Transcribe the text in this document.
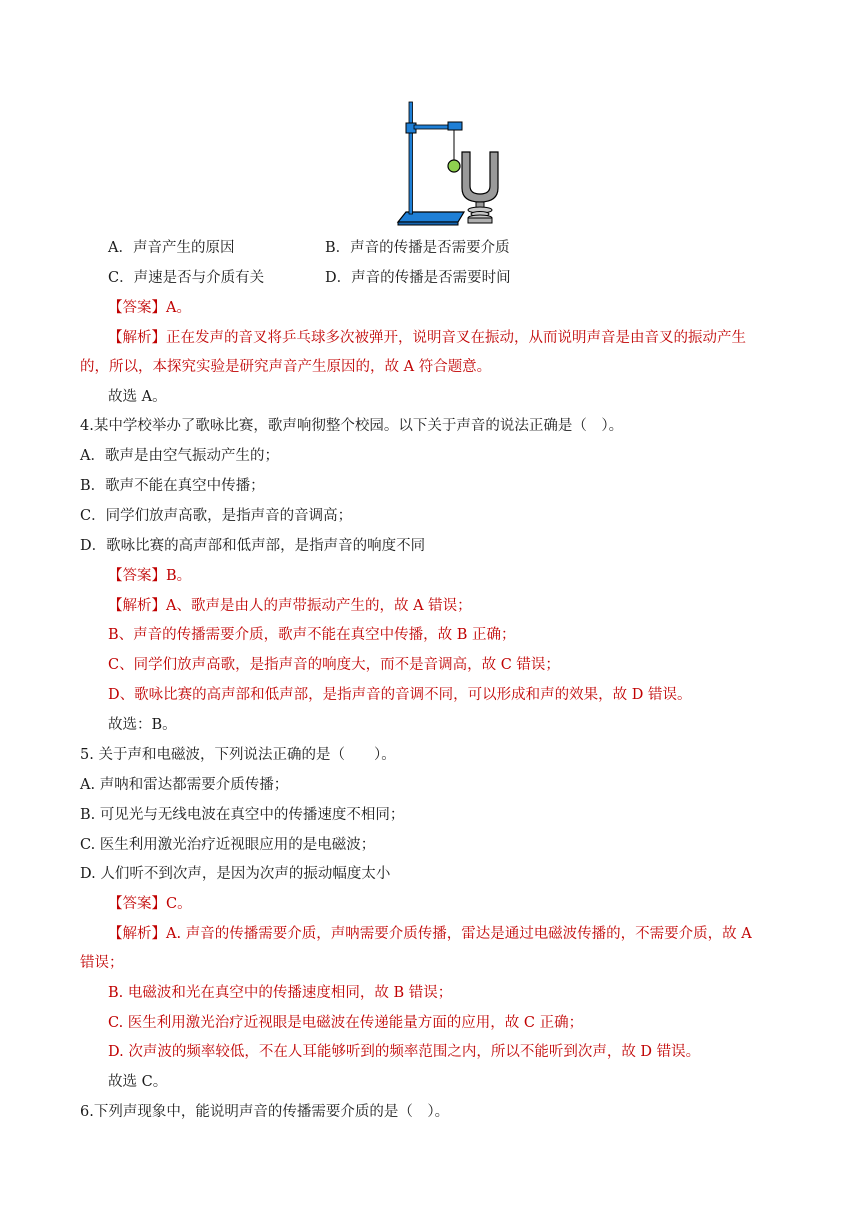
A．声音产生的原因	B．声音的传播是否需要介质
C．声速是否与介质有关	D．声音的传播是否需要时间
【答案】A。
【解析】正在发声的音叉将乒乓球多次被弹开，说明音叉在振动，从而说明声音是由音叉的振动产生
的，所以，本探究实验是研究声音产生原因的，故 A 符合题意。
故选 A。
4.某中学校举办了歌咏比赛，歌声响彻整个校园。以下关于声音的说法正确是（　）。
A．歌声是由空气振动产生的；
B．歌声不能在真空中传播；
C．同学们放声高歌，是指声音的音调高；
D．歌咏比赛的高声部和低声部，是指声音的响度不同
【答案】B。
【解析】A、歌声是由人的声带振动产生的，故 A 错误；
B、声音的传播需要介质，歌声不能在真空中传播，故 B 正确；
C、同学们放声高歌，是指声音的响度大，而不是音调高，故 C 错误；
D、歌咏比赛的高声部和低声部，是指声音的音调不同，可以形成和声的效果，故 D 错误。
故选：B。
5. 关于声和电磁波，下列说法正确的是（　　）。
A. 声呐和雷达都需要介质传播；
B. 可见光与无线电波在真空中的传播速度不相同；
C. 医生利用激光治疗近视眼应用的是电磁波；
D. 人们听不到次声，是因为次声的振动幅度太小
【答案】C。
【解析】A. 声音的传播需要介质，声呐需要介质传播，雷达是通过电磁波传播的，不需要介质，故 A
错误；
B. 电磁波和光在真空中的传播速度相同，故 B 错误；
C. 医生利用激光治疗近视眼是电磁波在传递能量方面的应用，故 C 正确；
D. 次声波的频率较低，不在人耳能够听到的频率范围之内，所以不能听到次声，故 D 错误。
故选 C。
6.下列声现象中，能说明声音的传播需要介质的是（　）。
